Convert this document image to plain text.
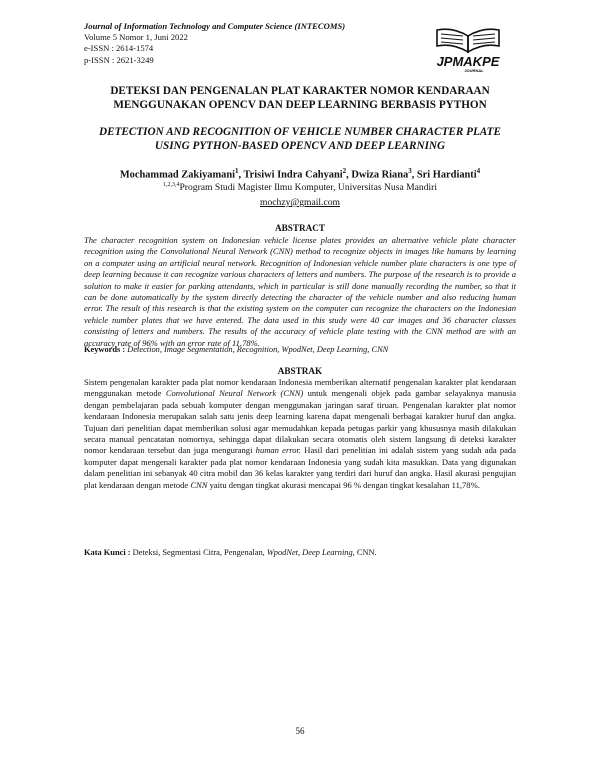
Journal of Information Technology and Computer Science (INTECOMS)
Volume 5 Nomor 1, Juni 2022
e-ISSN : 2614-1574
p-ISSN : 2621-3249	JPMAKPE
JOURNAL
DETEKSI DAN PENGENALAN PLAT KARAKTER NOMOR KENDARAAN
MENGGUNAKAN OPENCV DAN DEEP LEARNING BERBASIS PYTHON
DETECTION AND RECOGNITION OF VEHICLE NUMBER CHARACTER PLATE
USING PYTHON-BASED OPENCV AND DEEP LEARNING
Mochammad Zakiyamani$^1$, Trisiwi Indra Cahyani$^2$, Dwiza Riana$^3$, Sri Hardianti$^4$
$^{1,2,3,4}$Program Studi Magister Ilmu Komputer, Universitas Nusa Mandiri
mochzy@gmail.com
ABSTRACT
The character recognition system on Indonesian vehicle license plates provides an alternative vehicle plate character recognition using the Convolutional Neural Network (CNN) method to recognize objects in images like humans by learning on a computer using an artificial neural network. Recognition of Indonesian vehicle number plate characters is one type of deep learning because it can recognize various characters of letters and numbers. The purpose of the research is to provide a solution to make it easier for parking attendants, which in particular is still done manually recording the number, so that it can be done automatically by the system directly detecting the character of the vehicle number and also reducing human error. The result of this research is that the existing system on the computer can recognize the characters on the Indonesian vehicle number plates that we have entered. The data used in this study were 40 car images and 36 character classes consisting of letters and numbers. The results of the accuracy of vehicle plate testing with the CNN method are with an accuracy rate of 96% with an error rate of 11.78%.
Keywords : Detection, Image Segmentation, Recognition, WpodNet, Deep Learning, CNN
ABSTRAK
Sistem pengenalan karakter pada plat nomor kendaraan Indonesia memberikan alternatif pengenalan karakter plat kendaraan menggunakan metode Convolutional Neural Network (CNN) untuk mengenali objek pada gambar selayaknya manusia dengan pembelajaran pada sebuah komputer dengan menggunakan jaringan saraf tiruan. Pengenalan karakter plat nomor kendaraan Indonesia merupakan salah satu jenis deep learning karena dapat mengenali berbagai karakter huruf dan angka. Tujuan dari penelitian dapat memberikan solusi agar memudahkan kepada petugas parkir yang khususnya masih dilakukan secara manual pencatatan nomornya, sehingga dapat dilakukan secara otomatis oleh sistem langsung di deteksi karakter nomor kendaraan tersebut dan juga mengurangi human error. Hasil dari penelitian ini adalah sistem yang sudah ada pada komputer dapat mengenali karakter pada plat nomor kendaraan Indonesia yang sudah kita masukkan. Data yang digunakan dalam penelitian ini sebanyak 40 citra mobil dan 36 kelas karakter yang terdiri dari huruf dan angka. Hasil akurasi pengujian plat kendaraan dengan metode CNN yaitu dengan tingkat akurasi mencapai 96 % dengan tingkat kesalahan 11,78%.
Kata Kunci : Deteksi, Segmentasi Citra, Pengenalan, WpodNet, Deep Learning, CNN.
56
